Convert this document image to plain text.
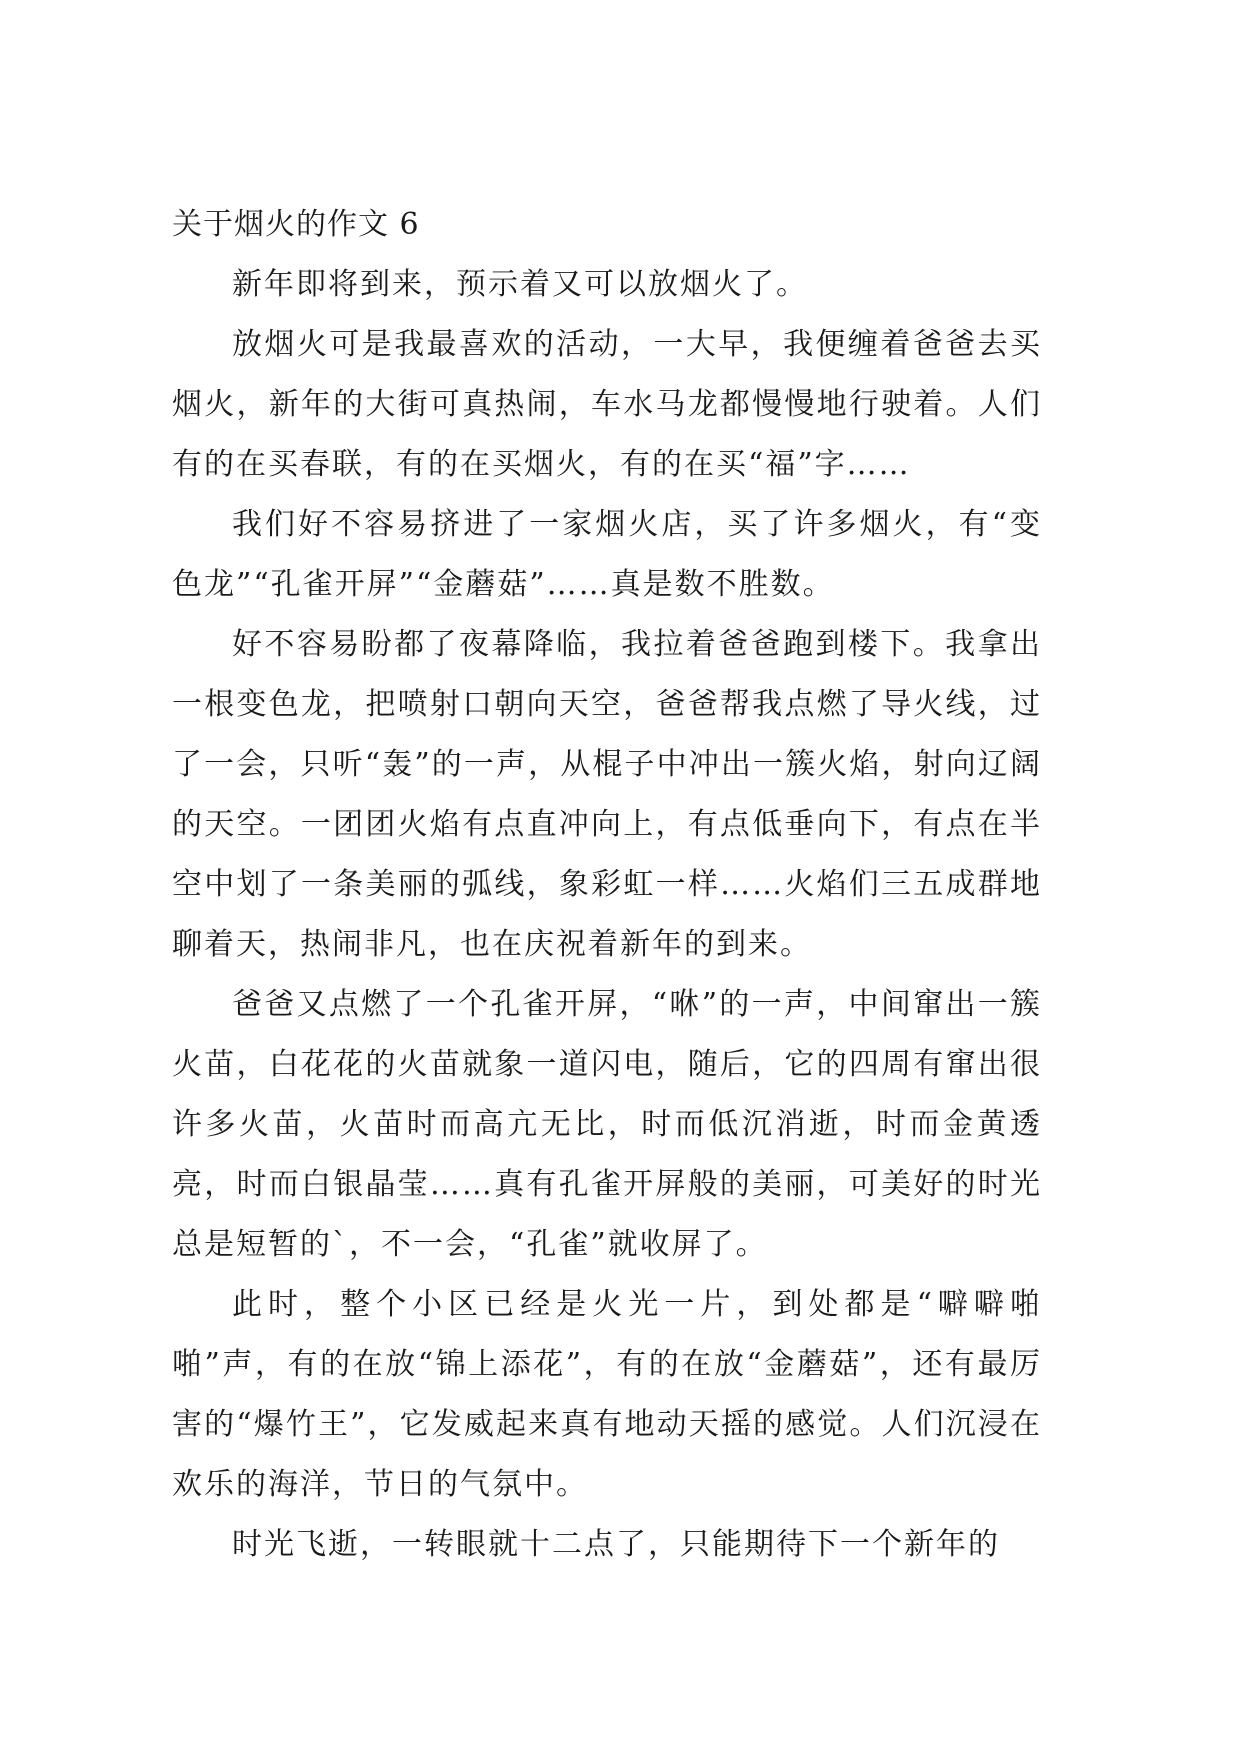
关于烟火的作文 6

新年即将到来，预示着又可以放烟火了。

放烟火可是我最喜欢的活动，一大早，我便缠着爸爸去买烟火，新年的大街可真热闹，车水马龙都慢慢地行驶着。人们有的在买春联，有的在买烟火，有的在买“福”字……

我们好不容易挤进了一家烟火店，买了许多烟火，有“变色龙”“孔雀开屏”“金蘑菇”……真是数不胜数。

好不容易盼都了夜幕降临，我拉着爸爸跑到楼下。我拿出一根变色龙，把喷射口朝向天空，爸爸帮我点燃了导火线，过了一会，只听“轰”的一声，从棍子中冲出一簇火焰，射向辽阔的天空。一团团火焰有点直冲向上，有点低垂向下，有点在半空中划了一条美丽的弧线，象彩虹一样……火焰们三五成群地聊着天，热闹非凡，也在庆祝着新年的到来。

爸爸又点燃了一个孔雀开屏，“咻”的一声，中间窜出一簇火苗，白花花的火苗就象一道闪电，随后，它的四周有窜出很许多火苗，火苗时而高亢无比，时而低沉消逝，时而金黄透亮，时而白银晶莹……真有孔雀开屏般的美丽，可美好的时光总是短暂的`，不一会，“孔雀”就收屏了。

此时，整个小区已经是火光一片，到处都是“噼噼啪啪”声，有的在放“锦上添花”，有的在放“金蘑菇”，还有最厉害的“爆竹王”，它发威起来真有地动天摇的感觉。人们沉浸在欢乐的海洋，节日的气氛中。

时光飞逝，一转眼就十二点了，只能期待下一个新年的
